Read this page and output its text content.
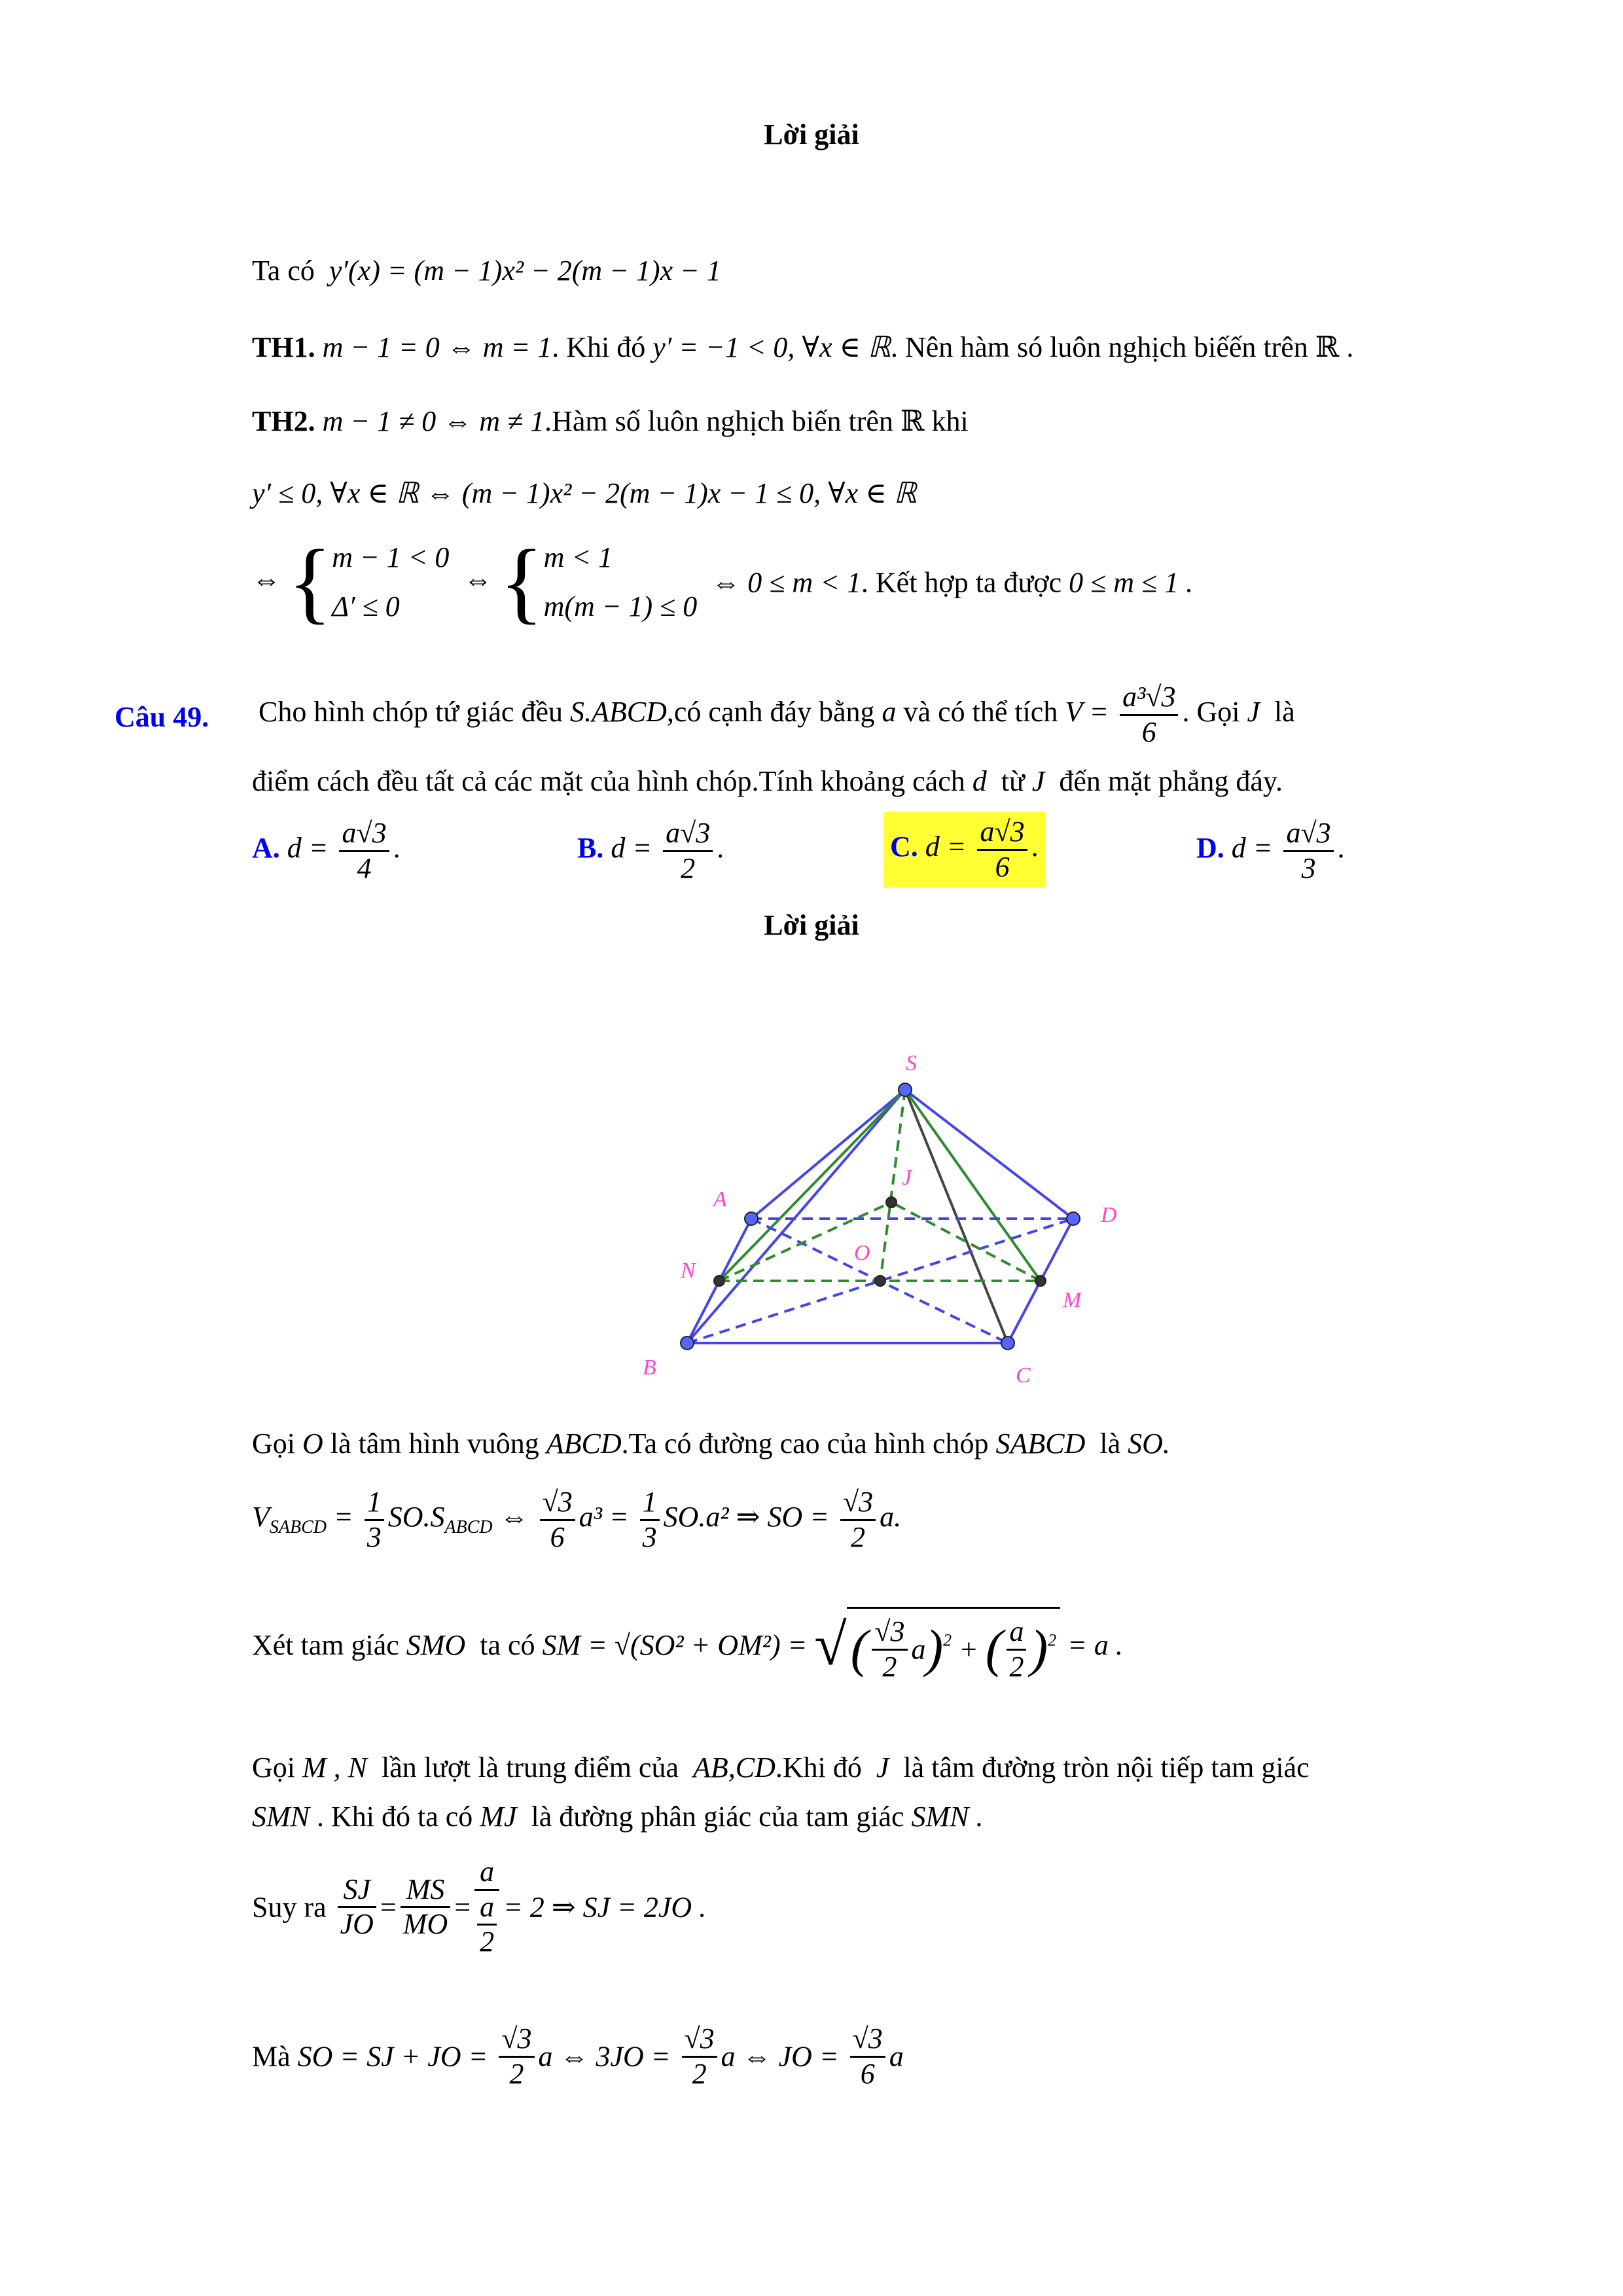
Lời giải
Ta có y′(x) = (m − 1)x² − 2(m − 1)x − 1
TH1. m − 1 = 0 ⇔ m = 1. Khi đó y′ = −1 < 0, ∀x ∈ ℝ. Nên hàm só luôn nghịch biếến trên ℝ .
TH2. m − 1 ≠ 0 ⇔ m ≠ 1.Hàm số luôn nghịch biến trên ℝ khi
y′ ≤ 0, ∀x ∈ ℝ ⇔ (m − 1)x² − 2(m − 1)x − 1 ≤ 0, ∀x ∈ ℝ
⇔ { m − 1 < 0
Δ′ ≤ 0
⇔ { m < 1
m(m − 1) ≤ 0
⇔ 0 ≤ m < 1. Kết hợp ta được 0 ≤ m ≤ 1 .
Câu 49. Cho hình chóp tứ giác đều S.ABCD,có cạnh đáy bằng a và có thể tích $V = \frac{\text{a³√3}}{6}$ . Gọi J là
điểm cách đều tất cả các mặt của hình chóp.Tính khoảng cách d từ J đến mặt phẳng đáy.
A. $d = \frac{a√3}{4}$ .	B. $d = \frac{a√3}{2}$ .	C. $d = \frac{a√3}{6}$ .	D. $d = \frac{a√3}{3}$ .
Lời giải
S
J
A
D
N
O
M
B	C
Gọi O là tâm hình vuông ABCD.Ta có đường cao của hình chóp SABCD là SO.
$V_{SABCD} = \frac{1}{3} SO.S_{ABCD}$ ⇔ $\frac{√3}{6} a^3 = \frac{1}{3} SO.a^2$ ⇒ SO = $\frac{√3}{2} a$.
Xét tam giác SMO ta có SM = √(SO² + OM²) = √( $\frac{√3}{2} a)^2$ + ( $\frac{a}{2} )^2 = a$ .
Gọi M , N lần lượt là trung điểm của AB,CD.Khi đó J là tâm đường tròn nội tiếp tam giác
SMN . Khi đó ta có MJ là đường phân giác của tam giác SMN .
Suy ra $\frac{SJ}{JO} = \frac{MS}{MO} = a$
a
2 = 2 ⇒ SJ = 2JO .
Mà SO = SJ + JO = $\frac{√3}{2}$ a ⇔ $3JO = \frac{√3}{2}$ a ⇔ JO = $\frac{√3}{6}$ a
